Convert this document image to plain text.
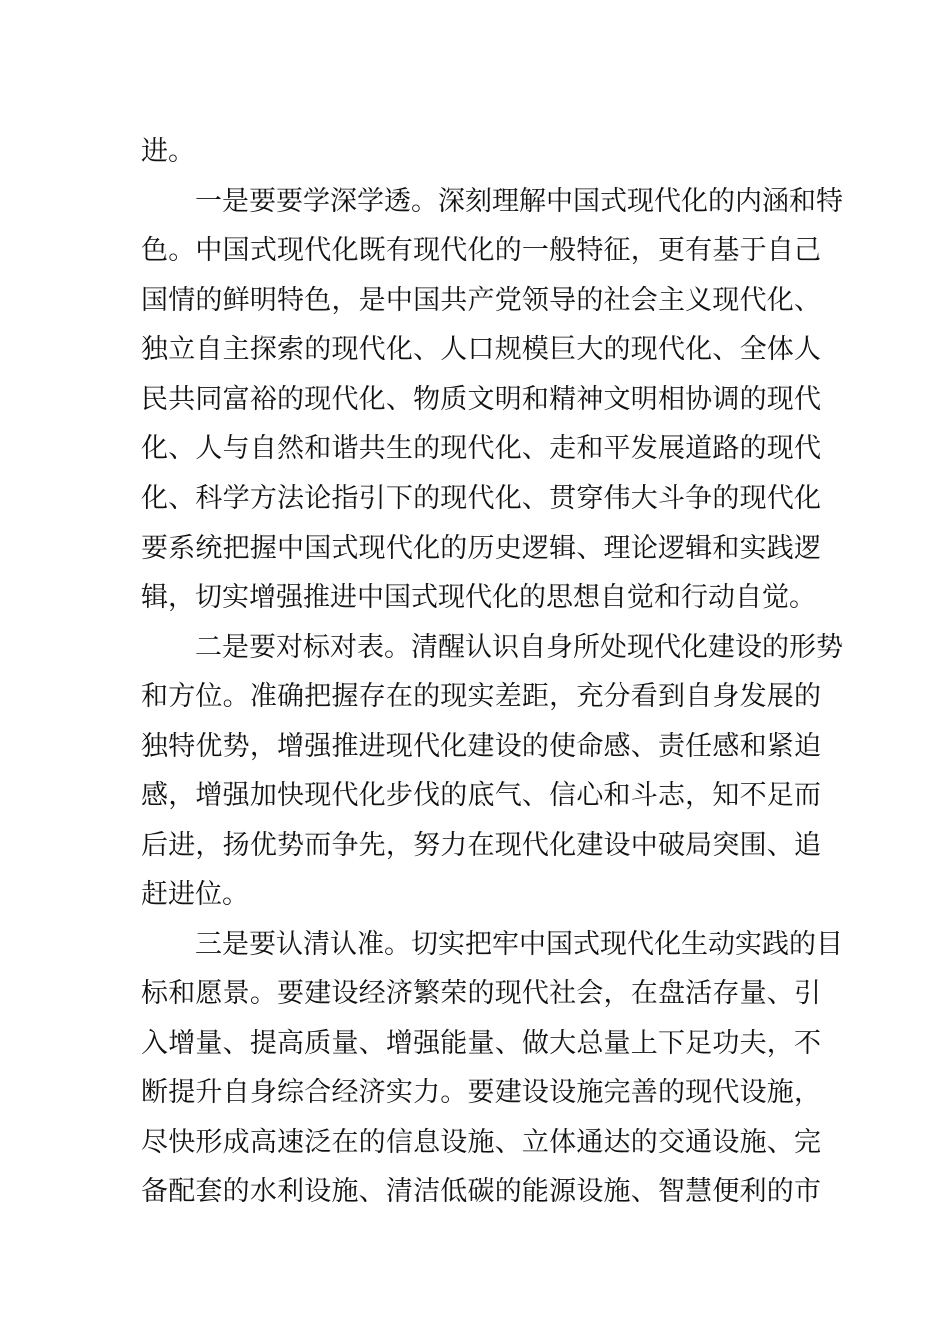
进。
一是要要学深学透。深刻理解中国式现代化的内涵和特
色。中国式现代化既有现代化的一般特征，更有基于自己
国情的鲜明特色，是中国共产党领导的社会主义现代化、
独立自主探索的现代化、人口规模巨大的现代化、全体人
民共同富裕的现代化、物质文明和精神文明相协调的现代
化、人与自然和谐共生的现代化、走和平发展道路的现代
化、科学方法论指引下的现代化、贯穿伟大斗争的现代化
要系统把握中国式现代化的历史逻辑、理论逻辑和实践逻
辑，切实增强推进中国式现代化的思想自觉和行动自觉。
二是要对标对表。清醒认识自身所处现代化建设的形势
和方位。准确把握存在的现实差距，充分看到自身发展的
独特优势，增强推进现代化建设的使命感、责任感和紧迫
感，增强加快现代化步伐的底气、信心和斗志，知不足而
后进，扬优势而争先，努力在现代化建设中破局突围、追
赶进位。
三是要认清认准。切实把牢中国式现代化生动实践的目
标和愿景。要建设经济繁荣的现代社会，在盘活存量、引
入增量、提高质量、增强能量、做大总量上下足功夫，不
断提升自身综合经济实力。要建设设施完善的现代设施，
尽快形成高速泛在的信息设施、立体通达的交通设施、完
备配套的水利设施、清洁低碳的能源设施、智慧便利的市
